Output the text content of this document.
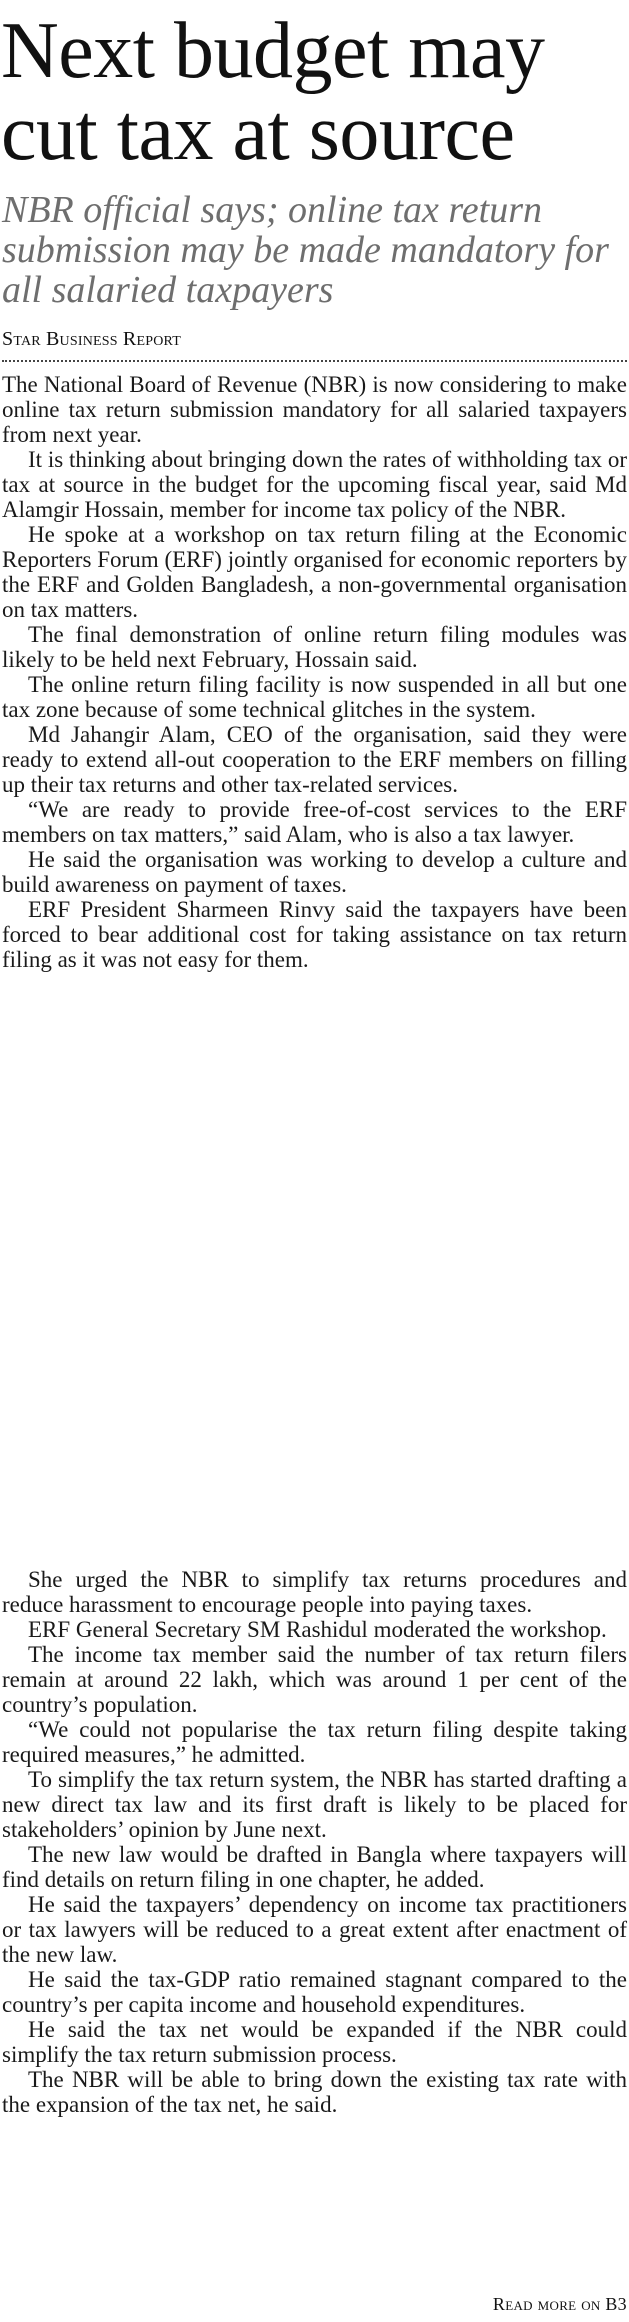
Next budget may cut tax at source
NBR official says; online tax return submission may be made mandatory for all salaried taxpayers
Star Business Report

The National Board of Revenue (NBR) is now considering to make online tax return submission mandatory for all salaried taxpayers from next year.

It is thinking about bringing down the rates of withholding tax or tax at source in the budget for the upcoming fiscal year, said Md Alamgir Hossain, member for income tax policy of the NBR.

He spoke at a workshop on tax return filing at the Economic Reporters Forum (ERF) jointly organised for economic reporters by the ERF and Golden Bangladesh, a non-governmental organisation on tax matters.

The final demonstration of online return filing modules was likely to be held next February, Hossain said.

The online return filing facility is now suspended in all but one tax zone because of some technical glitches in the system.

Md Jahangir Alam, CEO of the organisation, said they were ready to extend all-out cooperation to the ERF members on filling up their tax returns and other tax-related services.

“We are ready to provide free-of-cost services to the ERF members on tax matters,” said Alam, who is also a tax lawyer.

He said the organisation was working to develop a culture and build awareness on payment of taxes.

ERF President Sharmeen Rinvy said the taxpayers have been forced to bear additional cost for taking assistance on tax return filing as it was not easy for them.

She urged the NBR to simplify tax returns procedures and reduce harassment to encourage people into paying taxes.

ERF General Secretary SM Rashidul moderated the workshop.

The income tax member said the number of tax return filers remain at around 22 lakh, which was around 1 per cent of the country’s population.

“We could not popularise the tax return filing despite taking required measures,” he admitted.

To simplify the tax return system, the NBR has started drafting a new direct tax law and its first draft is likely to be placed for stakeholders’ opinion by June next.

The new law would be drafted in Bangla where taxpayers will find details on return filing in one chapter, he added.

He said the taxpayers’ dependency on income tax practitioners or tax lawyers will be reduced to a great extent after enactment of the new law.

He said the tax-GDP ratio remained stagnant compared to the country’s per capita income and household expenditures.

He said the tax net would be expanded if the NBR could simplify the tax return submission process.

The NBR will be able to bring down the existing tax rate with the expansion of the tax net, he said.

Read more on B3
